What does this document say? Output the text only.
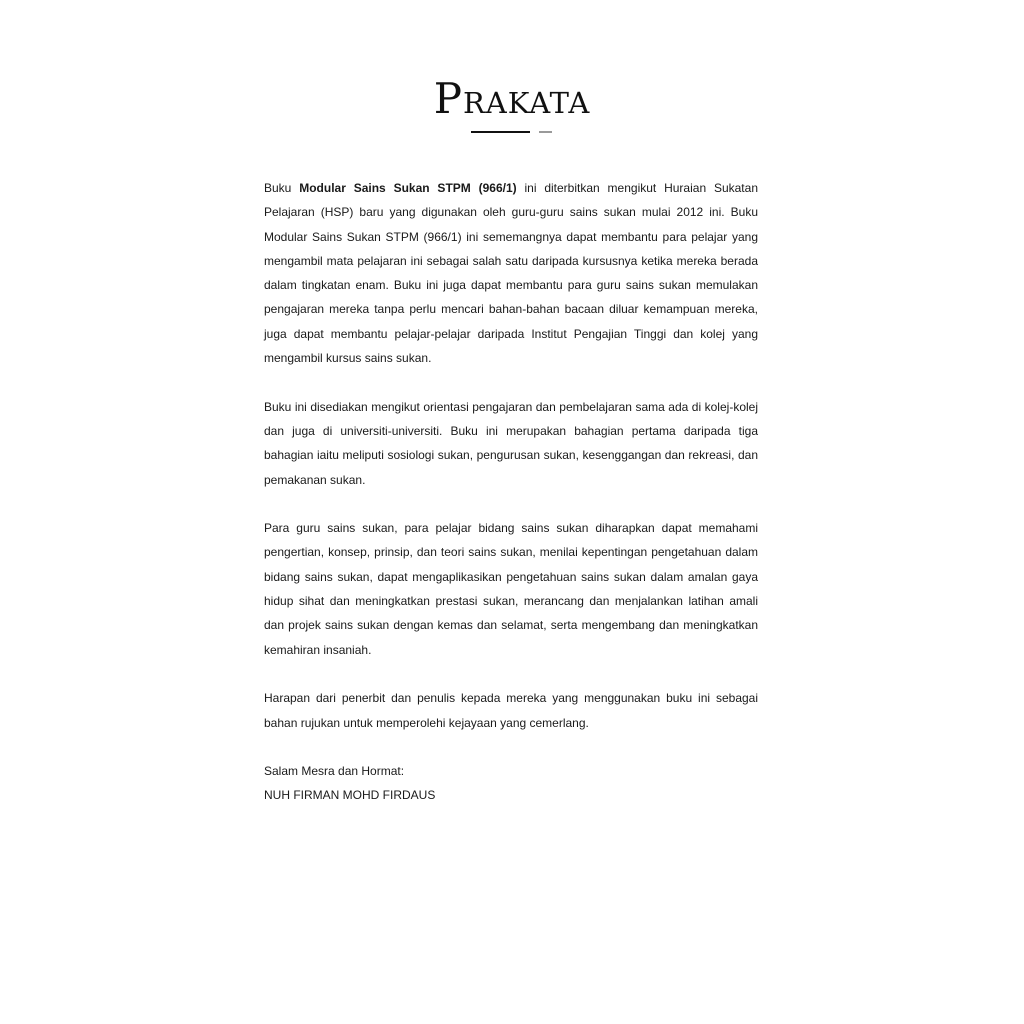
Prakata

Buku Modular Sains Sukan STPM (966/1) ini diterbitkan mengikut Huraian Sukatan Pelajaran (HSP) baru yang digunakan oleh guru-guru sains sukan mulai 2012 ini. Buku Modular Sains Sukan STPM (966/1) ini sememangnya dapat membantu para pelajar yang mengambil mata pelajaran ini sebagai salah satu daripada kursusnya ketika mereka berada dalam tingkatan enam. Buku ini juga dapat membantu para guru sains sukan memulakan pengajaran mereka tanpa perlu mencari bahan-bahan bacaan diluar kemampuan mereka, juga dapat membantu pelajar-pelajar daripada Institut Pengajian Tinggi dan kolej yang mengambil kursus sains sukan.

Buku ini disediakan mengikut orientasi pengajaran dan pembelajaran sama ada di kolej-kolej dan juga di universiti-universiti. Buku ini merupakan bahagian pertama daripada tiga bahagian iaitu meliputi sosiologi sukan, pengurusan sukan, kesenggangan dan rekreasi, dan pemakanan sukan.

Para guru sains sukan, para pelajar bidang sains sukan diharapkan dapat memahami pengertian, konsep, prinsip, dan teori sains sukan, menilai kepentingan pengetahuan dalam bidang sains sukan, dapat mengaplikasikan pengetahuan sains sukan dalam amalan gaya hidup sihat dan meningkatkan prestasi sukan, merancang dan menjalankan latihan amali dan projek sains sukan dengan kemas dan selamat, serta mengembang dan meningkatkan kemahiran insaniah.

Harapan dari penerbit dan penulis kepada mereka yang menggunakan buku ini sebagai bahan rujukan untuk memperolehi kejayaan yang cemerlang.

Salam Mesra dan Hormat:
NUH FIRMAN MOHD FIRDAUS
